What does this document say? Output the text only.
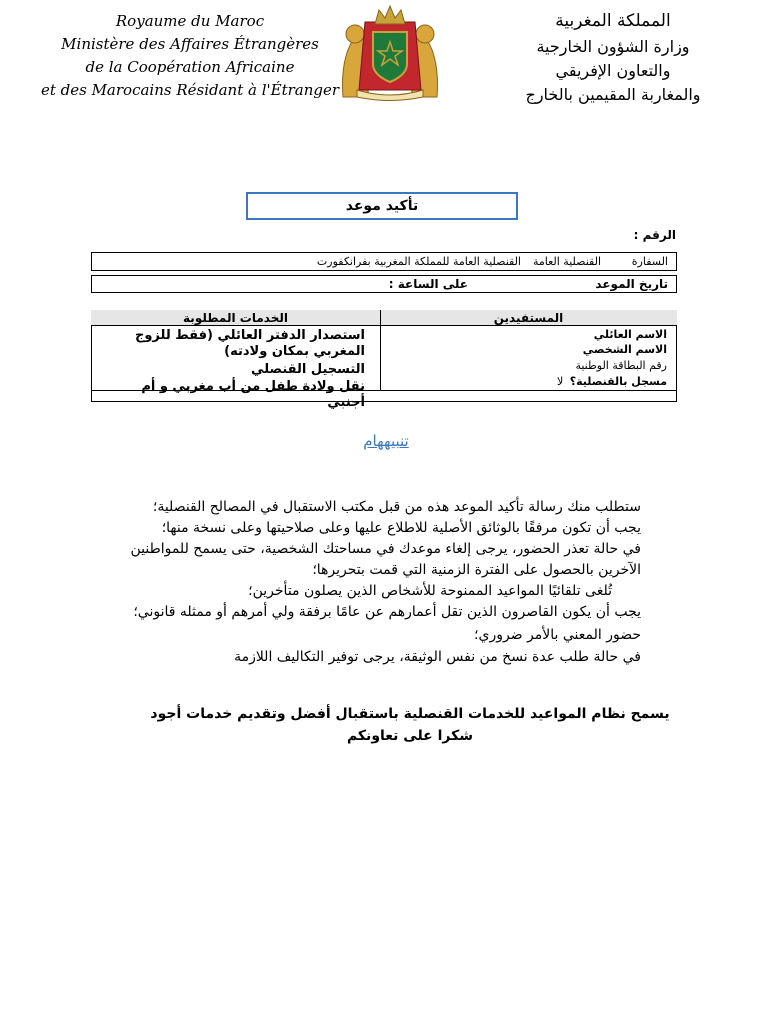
Royaume du Maroc
Ministère des Affaires Étrangères
de la Coopération Africaine
et des Marocains Résidant à l'Étranger
المملكة المغربية
وزارة الشؤون الخارجية
والتعاون الإفريقي
والمغاربة المقيمين بالخارج
تأكيد موعد
الرقم :
السفارة
القنصلية العامة
القنصلية العامة للمملكة المغربية بفرانكفورت
تاريخ الموعد
على الساعة :
المستفيدين
الخدمات المطلوبة
الاسم العائلي
الاسم الشخصي
رقم البطاقة الوطنية
مسجل بالقنصلية؟
لا
استصدار الدفتر العائلي (فقط للزوج المغربي بمكان ولادته)
التسجيل القنصلي
نقل ولادة طفل من أب مغربي و أم أجنبي
تنبيههام
ستطلب منك رسالة تأكيد الموعد هذه من قبل مكتب الاستقبال في المصالح القنصلية؛
يجب أن تكون مرفقًا بالوثائق الأصلية للاطلاع عليها وعلى صلاحيتها وعلى نسخة منها؛
في حالة تعذر الحضور، يرجى إلغاء موعدك في مساحتك الشخصية، حتى يسمح للمواطنين
الآخرين بالحصول على الفترة الزمنية التي قمت بتحريرها؛
تُلغى تلقائيًا المواعيد الممنوحة للأشخاص الذين يصلون متأخرين؛
يجب أن يكون القاصرون الذين تقل أعمارهم عن عامًا برفقة ولي أمرهم أو ممثله قانوني؛
حضور المعني بالأمر ضروري؛
في حالة طلب عدة نسخ من نفس الوثيقة، يرجى توفير التكاليف اللازمة
يسمح نظام المواعيد للخدمات القنصلية باستقبال أفضل وتقديم خدمات أجود
شكرا على تعاونكم
